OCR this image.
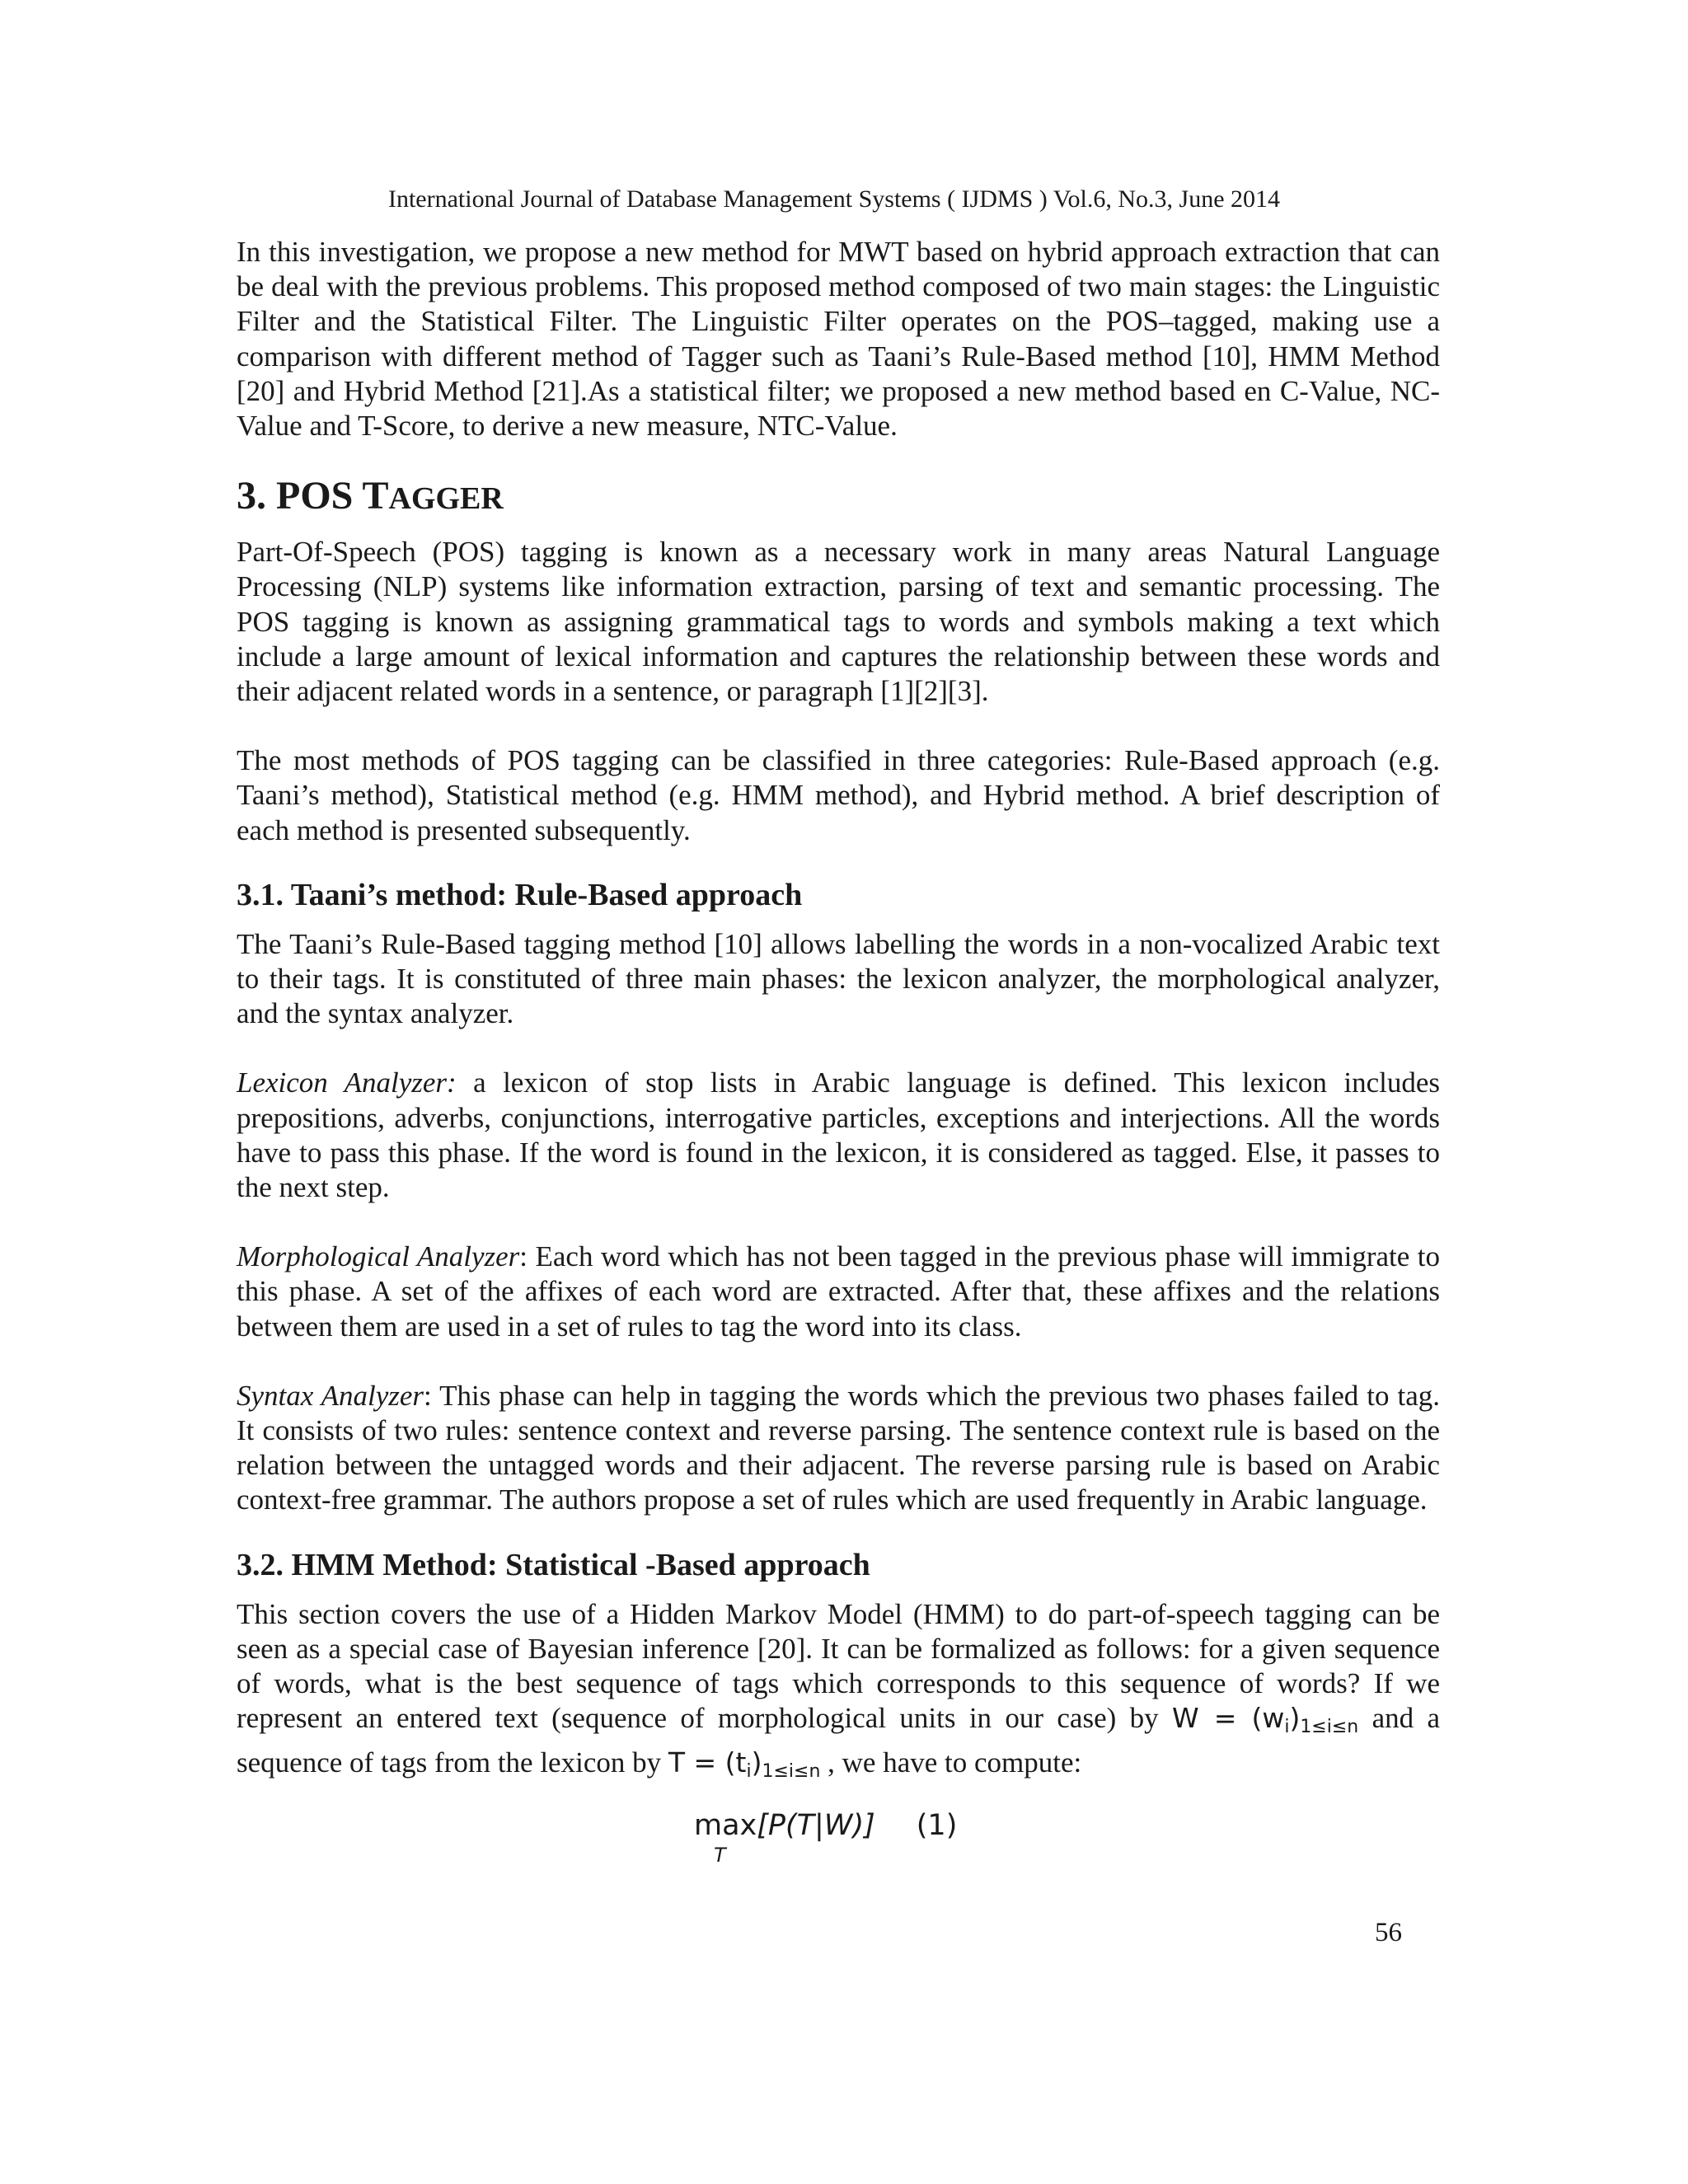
International Journal of Database Management Systems ( IJDMS ) Vol.6, No.3, June 2014

In this investigation, we propose a new method for MWT based on hybrid approach extraction that can be deal with the previous problems. This proposed method composed of two main stages: the Linguistic Filter and the Statistical Filter. The Linguistic Filter operates on the POS–tagged, making use a comparison with different method of Tagger such as Taani’s Rule-Based method [10], HMM Method [20] and Hybrid Method [21].As a statistical filter; we proposed a new method based en C-Value, NC-Value and T-Score, to derive a new measure, NTC-Value.

3. POS TAGGER

Part-Of-Speech (POS) tagging is known as a necessary work in many areas Natural Language Processing (NLP) systems like information extraction, parsing of text and semantic processing. The POS tagging is known as assigning grammatical tags to words and symbols making a text which include a large amount of lexical information and captures the relationship between these words and their adjacent related words in a sentence, or paragraph [1][2][3].

The most methods of POS tagging can be classified in three categories: Rule-Based approach (e.g. Taani’s method), Statistical method (e.g. HMM method), and Hybrid method. A brief description of each method is presented subsequently.

3.1. Taani’s method: Rule-Based approach

The Taani’s Rule-Based tagging method [10] allows labelling the words in a non-vocalized Arabic text to their tags. It is constituted of three main phases: the lexicon analyzer, the morphological analyzer, and the syntax analyzer.

Lexicon Analyzer: a lexicon of stop lists in Arabic language is defined. This lexicon includes prepositions, adverbs, conjunctions, interrogative particles, exceptions and interjections. All the words have to pass this phase. If the word is found in the lexicon, it is considered as tagged. Else, it passes to the next step.

Morphological Analyzer: Each word which has not been tagged in the previous phase will immigrate to this phase. A set of the affixes of each word are extracted. After that, these affixes and the relations between them are used in a set of rules to tag the word into its class.

Syntax Analyzer: This phase can help in tagging the words which the previous two phases failed to tag. It consists of two rules: sentence context and reverse parsing. The sentence context rule is based on the relation between the untagged words and their adjacent. The reverse parsing rule is based on Arabic context-free grammar. The authors propose a set of rules which are used frequently in Arabic language.

3.2. HMM Method: Statistical -Based approach

This section covers the use of a Hidden Markov Model (HMM) to do part-of-speech tagging can be seen as a special case of Bayesian inference [20]. It can be formalized as follows: for a given sequence of words, what is the best sequence of tags which corresponds to this sequence of words? If we represent an entered text (sequence of morphological units in our case) by $W = (w_i)_{1\le i\le n}$ and a sequence of tags from the lexicon by $T = (t_i)_{1\le i\le n}$ , we have to compute:

max
T
[P(T|W)] (1)
56
